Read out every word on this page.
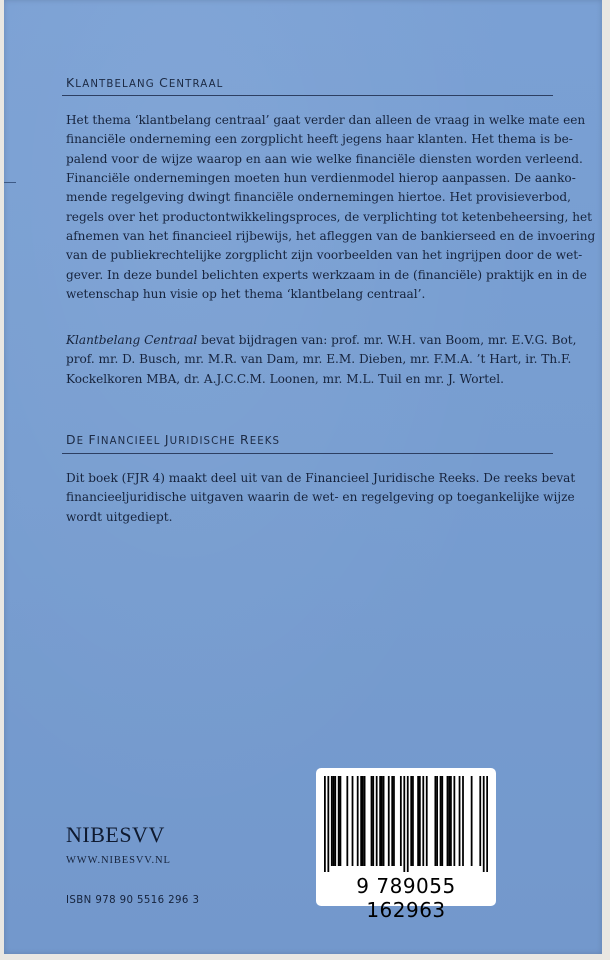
KLANTBELANG CENTRAAL

Het thema ‘klantbelang centraal’ gaat verder dan alleen de vraag in welke mate een
financiële onderneming een zorgplicht heeft jegens haar klanten. Het thema is be-
palend voor de wijze waarop en aan wie welke financiële diensten worden verleend.
Financiële ondernemingen moeten hun verdienmodel hierop aanpassen. De aanko-
mende regelgeving dwingt financiële ondernemingen hiertoe. Het provisieverbod,
regels over het productontwikkelingsproces, de verplichting tot ketenbeheersing, het
afnemen van het financieel rijbewijs, het afleggen van de bankierseed en de invoering
van de publiekrechtelijke zorgplicht zijn voorbeelden van het ingrijpen door de wet-
gever. In deze bundel belichten experts werkzaam in de (financiële) praktijk en in de
wetenschap hun visie op het thema ‘klantbelang centraal’.

Klantbelang Centraal bevat bijdragen van: prof. mr. W.H. van Boom, mr. E.V.G. Bot,
prof. mr. D. Busch, mr. M.R. van Dam, mr. E.M. Dieben, mr. F.M.A. ’t Hart, ir. Th.F.
Kockelkoren MBA, dr. A.J.C.C.M. Loonen, mr. M.L. Tuil en mr. J. Wortel.

DE FINANCIEEL JURIDISCHE REEKS

Dit boek (FJR 4) maakt deel uit van de Financieel Juridische Reeks. De reeks bevat
financieeljuridische uitgaven waarin de wet- en regelgeving op toegankelijke wijze
wordt uitgediept.

NIBESVV

WWW.NIBESVV.NL

ISBN 978 90 5516 296 3

9 789055 162963
